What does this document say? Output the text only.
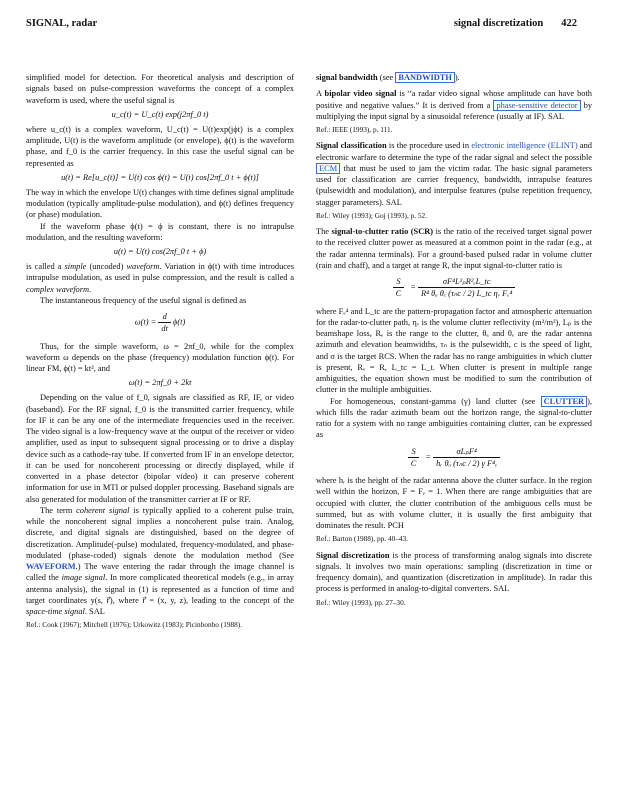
SIGNAL, radar	signal discretization 422

simplified model for detection. For theoretical analysis and description of signals based on pulse-compression waveforms the concept of a complex waveform is used, where the useful signal is

u_c(t) = U_c(t) exp(j2πf_0 t)

where u_c(t) is a complex waveform, U_c(t) = U(t)exp(jϕt) is a complex amplitude, U(t) is the waveform amplitude (or envelope), ϕ(t) is the waveform phase, and f_0 is the carrier frequency. In this case the useful signal can be represented as

u(t) = Re[u_c(t)] = U(t) cos ϕ(t) = U(t) cos[2πf_0 t + ϕ(t)]

The way in which the envelope U(t) changes with time defines signal amplitude modulation (typically amplitude-pulse modulation), and ϕ(t) defines frequency (or phase) modulation.

If the waveform phase ϕ(t) = ϕ is constant, there is no intrapulse modulation, and the resulting waveform:

u(t) = U(t) cos(2πf_0 t + ϕ)

is called a simple (uncoded) waveform. Variation in ϕ(t) with time introduces intrapulse modulation, as used in pulse compression, and the result is called a complex waveform.

The instantaneous frequency of the useful signal is defined as

$\omega(t) = \frac{d}{dt} \phi(t)$

Thus, for the simple waveform, ω = 2πf_0, while for the complex waveform ω depends on the phase (frequency) modulation function ϕ(t). For linear FM, ϕ(t) = kt², and

ω(t) = 2πf_0 + 2kt

Depending on the value of f_0, signals are classified as RF, IF, or video (baseband). For the RF signal, f_0 is the transmitted carrier frequency, while for IF it can be any one of the intermediate frequencies used in the receiver. The video signal is a low-frequency wave at the output of the receiver or video amplifier, used as input to subsequent signal processing or to drive a display device such as a cathode-ray tube. If converted from IF in an envelope detector, it can be used for noncoherent processing or directly displayed, while if converted in a phase detector (bipolar video) it can preserve coherent information for use in MTI or pulsed doppler processing. Baseband signals are also generated for modulation of the transmitter carrier at IF or RF.

The term coherent signal is typically applied to a coherent pulse train, while the noncoherent signal implies a noncoherent pulse train. Analog, discrete, and digital signals are distinguished, based on the degree of discretization. Amplitude(-pulse) modulated, frequency-modulated, and phase-modulated (phase-coded) signals denote the modulation method (See WAVEFORM.) The wave entering the radar through the image channel is called the image signal. In more complicated theoretical models (e.g., in array antenna analysis), the signal in (1) is represented as a function of time and target coordinates y(s, r⃗), where r⃗ = (x, y, z), leading to the concept of the space-time signal. SAL

Ref.: Cook (1967); Mitchell (1976); Urkowitz (1983); Picinbonbo (1988).

signal bandwidth (see BANDWIDTH ).

A bipolar video signal is “a radar video signal whose amplitude can have both positive and negative values.” It is derived from a phase-sensitive detector by multiplying the input signal by a sinusoidal reference (usually at IF). SAL

Ref.: IEEE (1993), p. 111.

Signal classification is the procedure used in electronic intelligence (ELINT) and electronic warfare to determine the type of the radar signal and select the possible ECM that must be used to jam the victim radar. The basic signal parameters used for classification are carrier frequency, bandwidth, intrapulse features (pulsewidth and modulation), and interpulse features (pulse repetition frequency, stagger parameters). SAL

Ref.: Wiley (1993); Goj (1993), p. 52.

The signal-to-clutter ratio (SCR) is the ratio of the received target signal power to the received clutter power as measured at a common point in the radar (e.g., at the radar antenna terminals). For a ground-based pulsed radar in volume clutter (rain and chaff), and a target at range R, the input signal-to-clutter ratio is

$\frac{S}{C} = \frac{\text{σF⁴L²ₚR²ₑL\_tc}}{\text{R⁴ θₐ θₑ (τₙc / 2) L\_tc ηᵥ Fₑ⁴}}$

where Fₑ⁴ and L_tc are the pattern-propagation factor and atmospheric attenuation for the radar-to-clutter path, ηᵥ is the volume clutter reflectivity (m²/m³), Lₚ is the beamshape loss, Rₑ is the range to the clutter, θₐ and θₑ are the radar antenna azimuth and elevation beamwidths, τₙ is the pulsewidth, c is the speed of light, and σ is the target RCS. When the radar has no range ambiguities in which clutter is present, Rₑ = R, L_tc = L_t. When clutter is present in multiple range ambiguities, the equation shown must be modified to sum the contribution of clutter in the multiple ambiguities.

For homogeneous, constant-gamma (γ) land clutter (see CLUTTER ), which fills the radar azimuth beam out the horizon range, the signal-to-clutter ratio for a system with no range ambiguities containing clutter, can be expressed as

$\frac{S}{C} = \frac{\text{σLₚF⁴}}{\text{hᵣ θₐ (τₙc / 2) γ F⁴ₑ}}$

where hᵣ is the height of the radar antenna above the clutter surface. In the region well within the horizon, F = Fₑ = 1. When there are range ambiguities that are occupied with clutter, the clutter contribution of the ambiguous cells must be summed, but as with volume clutter, it is usually the first ambiguity that dominates the result. PCH

Ref.: Barton (1988), pp. 40–43.

Signal discretization is the process of transforming analog signals into discrete signals. It involves two main operations: sampling (discretization in time or frequency domain), and quantization (discretization in amplitude). In radar this process is performed in analog-to-digital converters. SAL

Ref.: Wiley (1993), pp. 27–30.
